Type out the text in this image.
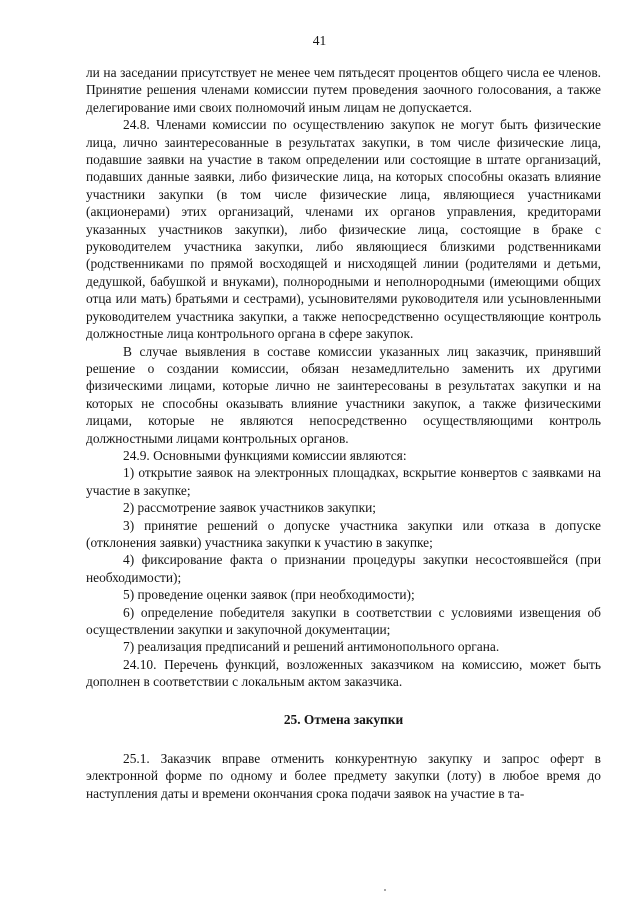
41

ли на заседании присутствует не менее чем пятьдесят процентов общего числа ее членов. Принятие решения членами комиссии путем проведения заочного голосования, а также делегирование ими своих полномочий иным лицам не допускается.

24.8. Членами комиссии по осуществлению закупок не могут быть физические лица, лично заинтересованные в результатах закупки, в том числе физические лица, подавшие заявки на участие в таком определении или состоящие в штате организаций, подавших данные заявки, либо физические лица, на которых способны оказать влияние участники закупки (в том числе физические лица, являющиеся участниками (акционерами) этих организаций, членами их органов управления, кредиторами указанных участников закупки), либо физические лица, состоящие в браке с руководителем участника закупки, либо являющиеся близкими родственниками (родственниками по прямой восходящей и нисходящей линии (родителями и детьми, дедушкой, бабушкой и внуками), полнородными и неполнородными (имеющими общих отца или мать) братьями и сестрами), усыновителями руководителя или усыновленными руководителем участника закупки, а также непосредственно осуществляющие контроль должностные лица контрольного органа в сфере закупок.

В случае выявления в составе комиссии указанных лиц заказчик, принявший решение о создании комиссии, обязан незамедлительно заменить их другими физическими лицами, которые лично не заинтересованы в результатах закупки и на которых не способны оказывать влияние участники закупок, а также физическими лицами, которые не являются непосредственно осуществляющими контроль должностными лицами контрольных органов.

24.9. Основными функциями комиссии являются:

1) открытие заявок на электронных площадках, вскрытие конвертов с заявками на участие в закупке;

2) рассмотрение заявок участников закупки;

3) принятие решений о допуске участника закупки или отказа в допуске (отклонения заявки) участника закупки к участию в закупке;

4) фиксирование факта о признании процедуры закупки несостоявшейся (при необходимости);

5) проведение оценки заявок (при необходимости);

6) определение победителя закупки в соответствии с условиями извещения об осуществлении закупки и закупочной документации;

7) реализация предписаний и решений антимонопольного органа.

24.10. Перечень функций, возложенных заказчиком на комиссию, может быть дополнен в соответствии с локальным актом заказчика.

25. Отмена закупки

25.1. Заказчик вправе отменить конкурентную закупку и запрос оферт в электронной форме по одному и более предмету закупки (лоту) в любое время до наступления даты и времени окончания срока подачи заявок на участие в та-
